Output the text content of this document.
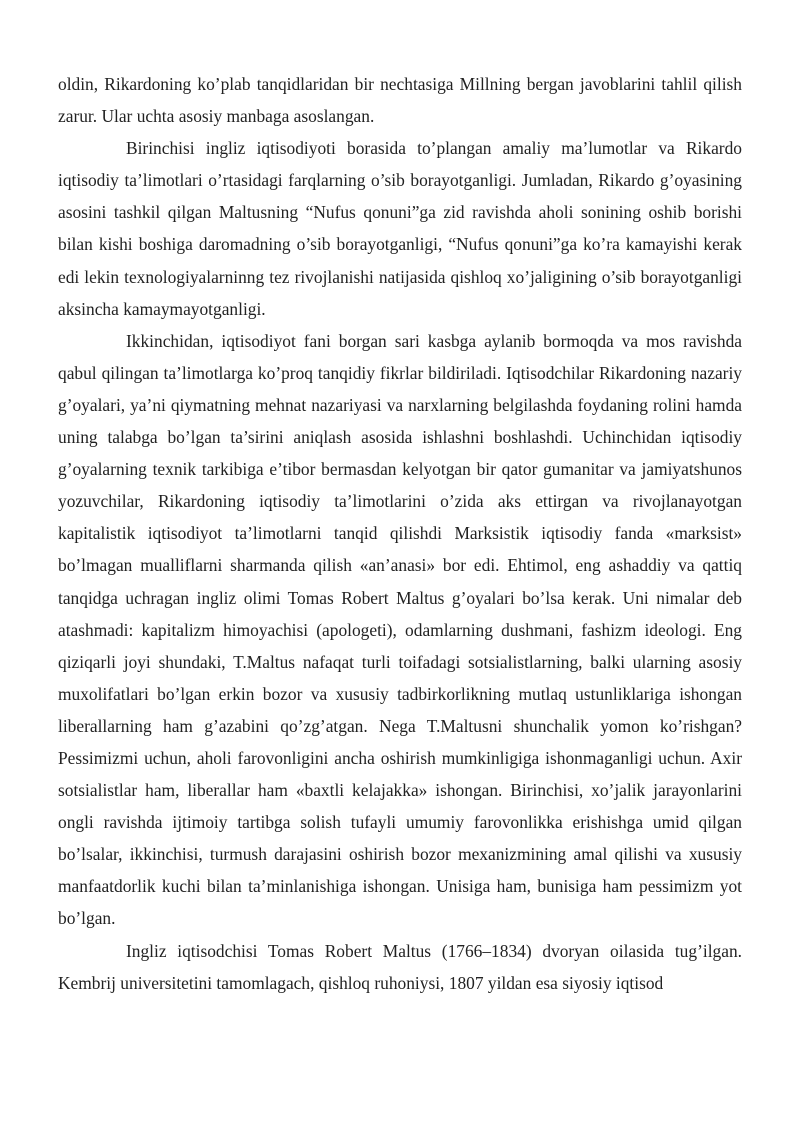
oldin, Rikardoning ko’plab tanqidlaridan bir nechtasiga Millning bergan javoblarini tahlil qilish zarur. Ular uchta asosiy manbaga asoslangan.

Birinchisi ingliz iqtisodiyoti borasida to’plangan amaliy ma’lumotlar va Rikardo iqtisodiy ta’limotlari o’rtasidagi farqlarning o’sib borayotganligi. Jumladan, Rikardo g’oyasining asosini tashkil qilgan Maltusning “Nufus qonuni”ga zid ravishda aholi sonining oshib borishi bilan kishi boshiga daromadning o’sib borayotganligi, “Nufus qonuni”ga ko’ra kamayishi kerak edi lekin texnologiyalarninng tez rivojlanishi natijasida qishloq xo’jaligining o’sib borayotganligi aksincha kamaymayotganligi.

Ikkinchidan, iqtisodiyot fani borgan sari kasbga aylanib bormoqda va mos ravishda qabul qilingan ta’limotlarga ko’proq tanqidiy fikrlar bildiriladi. Iqtisodchilar Rikardoning nazariy g’oyalari, ya’ni qiymatning mehnat nazariyasi va narxlarning belgilashda foydaning rolini hamda uning talabga bo’lgan ta’sirini aniqlash asosida ishlashni boshlashdi. Uchinchidan iqtisodiy g’oyalarning texnik tarkibiga e’tibor bermasdan kelyotgan bir qator gumanitar va jamiyatshunos yozuvchilar, Rikardoning iqtisodiy ta’limotlarini o’zida aks ettirgan va rivojlanayotgan kapitalistik iqtisodiyot ta’limotlarni tanqid qilishdi Marksistik iqtisodiy fanda «marksist» bo’lmagan mualliflarni sharmanda qilish «an’anasi» bor edi. Ehtimol, eng ashaddiy va qattiq tanqidga uchragan ingliz olimi Tomas Robert Maltus g’oyalari bo’lsa kerak. Uni nimalar deb atashmadi: kapitalizm himoyachisi (apologeti), odamlarning dushmani, fashizm ideologi. Eng qiziqarli joyi shundaki, T.Maltus nafaqat turli toifadagi sotsialistlarning, balki ularning asosiy muxolifatlari bo’lgan erkin bozor va xususiy tadbirkorlikning mutlaq ustunliklariga ishongan liberallarning ham g’azabini qo’zg’atgan. Nega T.Maltusni shunchalik yomon ko’rishgan? Pessimizmi uchun, aholi farovonligini ancha oshirish mumkinligiga ishonmaganligi uchun. Axir sotsialistlar ham, liberallar ham «baxtli kelajakka» ishongan. Birinchisi, xo’jalik jarayonlarini ongli ravishda ijtimoiy tartibga solish tufayli umumiy farovonlikka erishishga umid qilgan bo’lsalar, ikkinchisi, turmush darajasini oshirish bozor mexanizmining amal qilishi va xususiy manfaatdorlik kuchi bilan ta’minlanishiga ishongan. Unisiga ham, bunisiga ham pessimizm yot bo’lgan.

Ingliz iqtisodchisi Tomas Robert Maltus (1766–1834) dvoryan oilasida tug’ilgan. Kembrij universitetini tamomlagach, qishloq ruhoniysi, 1807 yildan esa siyosiy iqtisod
